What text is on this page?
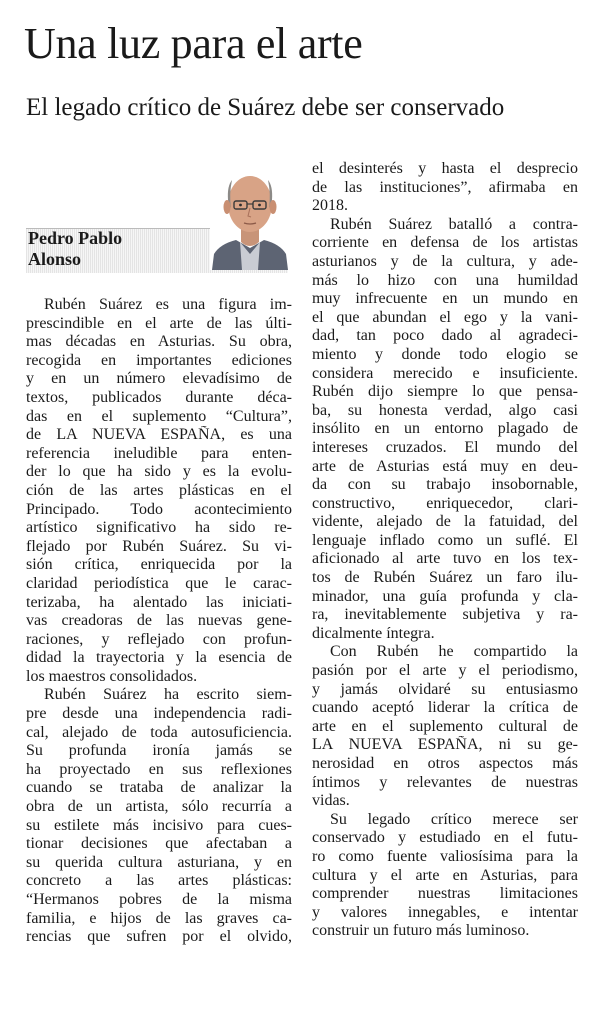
Una luz para el arte
El legado crítico de Suárez debe ser conservado
Pedro Pablo
Alonso
Rubén Suárez es una figura im-
prescindible en el arte de las últi-
mas décadas en Asturias. Su obra,
recogida en importantes ediciones
y en un número elevadísimo de
textos, publicados durante déca-
das en el suplemento “Cultura”,
de LA NUEVA ESPAÑA, es una
referencia ineludible para enten-
der lo que ha sido y es la evolu-
ción de las artes plásticas en el
Principado. Todo acontecimiento
artístico significativo ha sido re-
flejado por Rubén Suárez. Su vi-
sión crítica, enriquecida por la
claridad periodística que le carac-
terizaba, ha alentado las iniciati-
vas creadoras de las nuevas gene-
raciones, y reflejado con profun-
didad la trayectoria y la esencia de
los maestros consolidados.
Rubén Suárez ha escrito siem-
pre desde una independencia radi-
cal, alejado de toda autosuficiencia.
Su profunda ironía jamás se
ha proyectado en sus reflexiones
cuando se trataba de analizar la
obra de un artista, sólo recurría a
su estilete más incisivo para cues-
tionar decisiones que afectaban a
su querida cultura asturiana, y en
concreto a las artes plásticas:
“Hermanos pobres de la misma
familia, e hijos de las graves ca-
rencias que sufren por el olvido,
el desinterés y hasta el desprecio
de las instituciones”, afirmaba en
2018.
Rubén Suárez batalló a contra-
corriente en defensa de los artistas
asturianos y de la cultura, y ade-
más lo hizo con una humildad
muy infrecuente en un mundo en
el que abundan el ego y la vani-
dad, tan poco dado al agradeci-
miento y donde todo elogio se
considera merecido e insuficiente.
Rubén dijo siempre lo que pensa-
ba, su honesta verdad, algo casi
insólito en un entorno plagado de
intereses cruzados. El mundo del
arte de Asturias está muy en deu-
da con su trabajo insobornable,
constructivo, enriquecedor, clari-
vidente, alejado de la fatuidad, del
lenguaje inflado como un suflé. El
aficionado al arte tuvo en los tex-
tos de Rubén Suárez un faro ilu-
minador, una guía profunda y cla-
ra, inevitablemente subjetiva y ra-
dicalmente íntegra.
Con Rubén he compartido la
pasión por el arte y el periodismo,
y jamás olvidaré su entusiasmo
cuando aceptó liderar la crítica de
arte en el suplemento cultural de
LA NUEVA ESPAÑA, ni su ge-
nerosidad en otros aspectos más
íntimos y relevantes de nuestras
vidas.
Su legado crítico merece ser
conservado y estudiado en el futu-
ro como fuente valiosísima para la
cultura y el arte en Asturias, para
comprender nuestras limitaciones
y valores innegables, e intentar
construir un futuro más luminoso.
